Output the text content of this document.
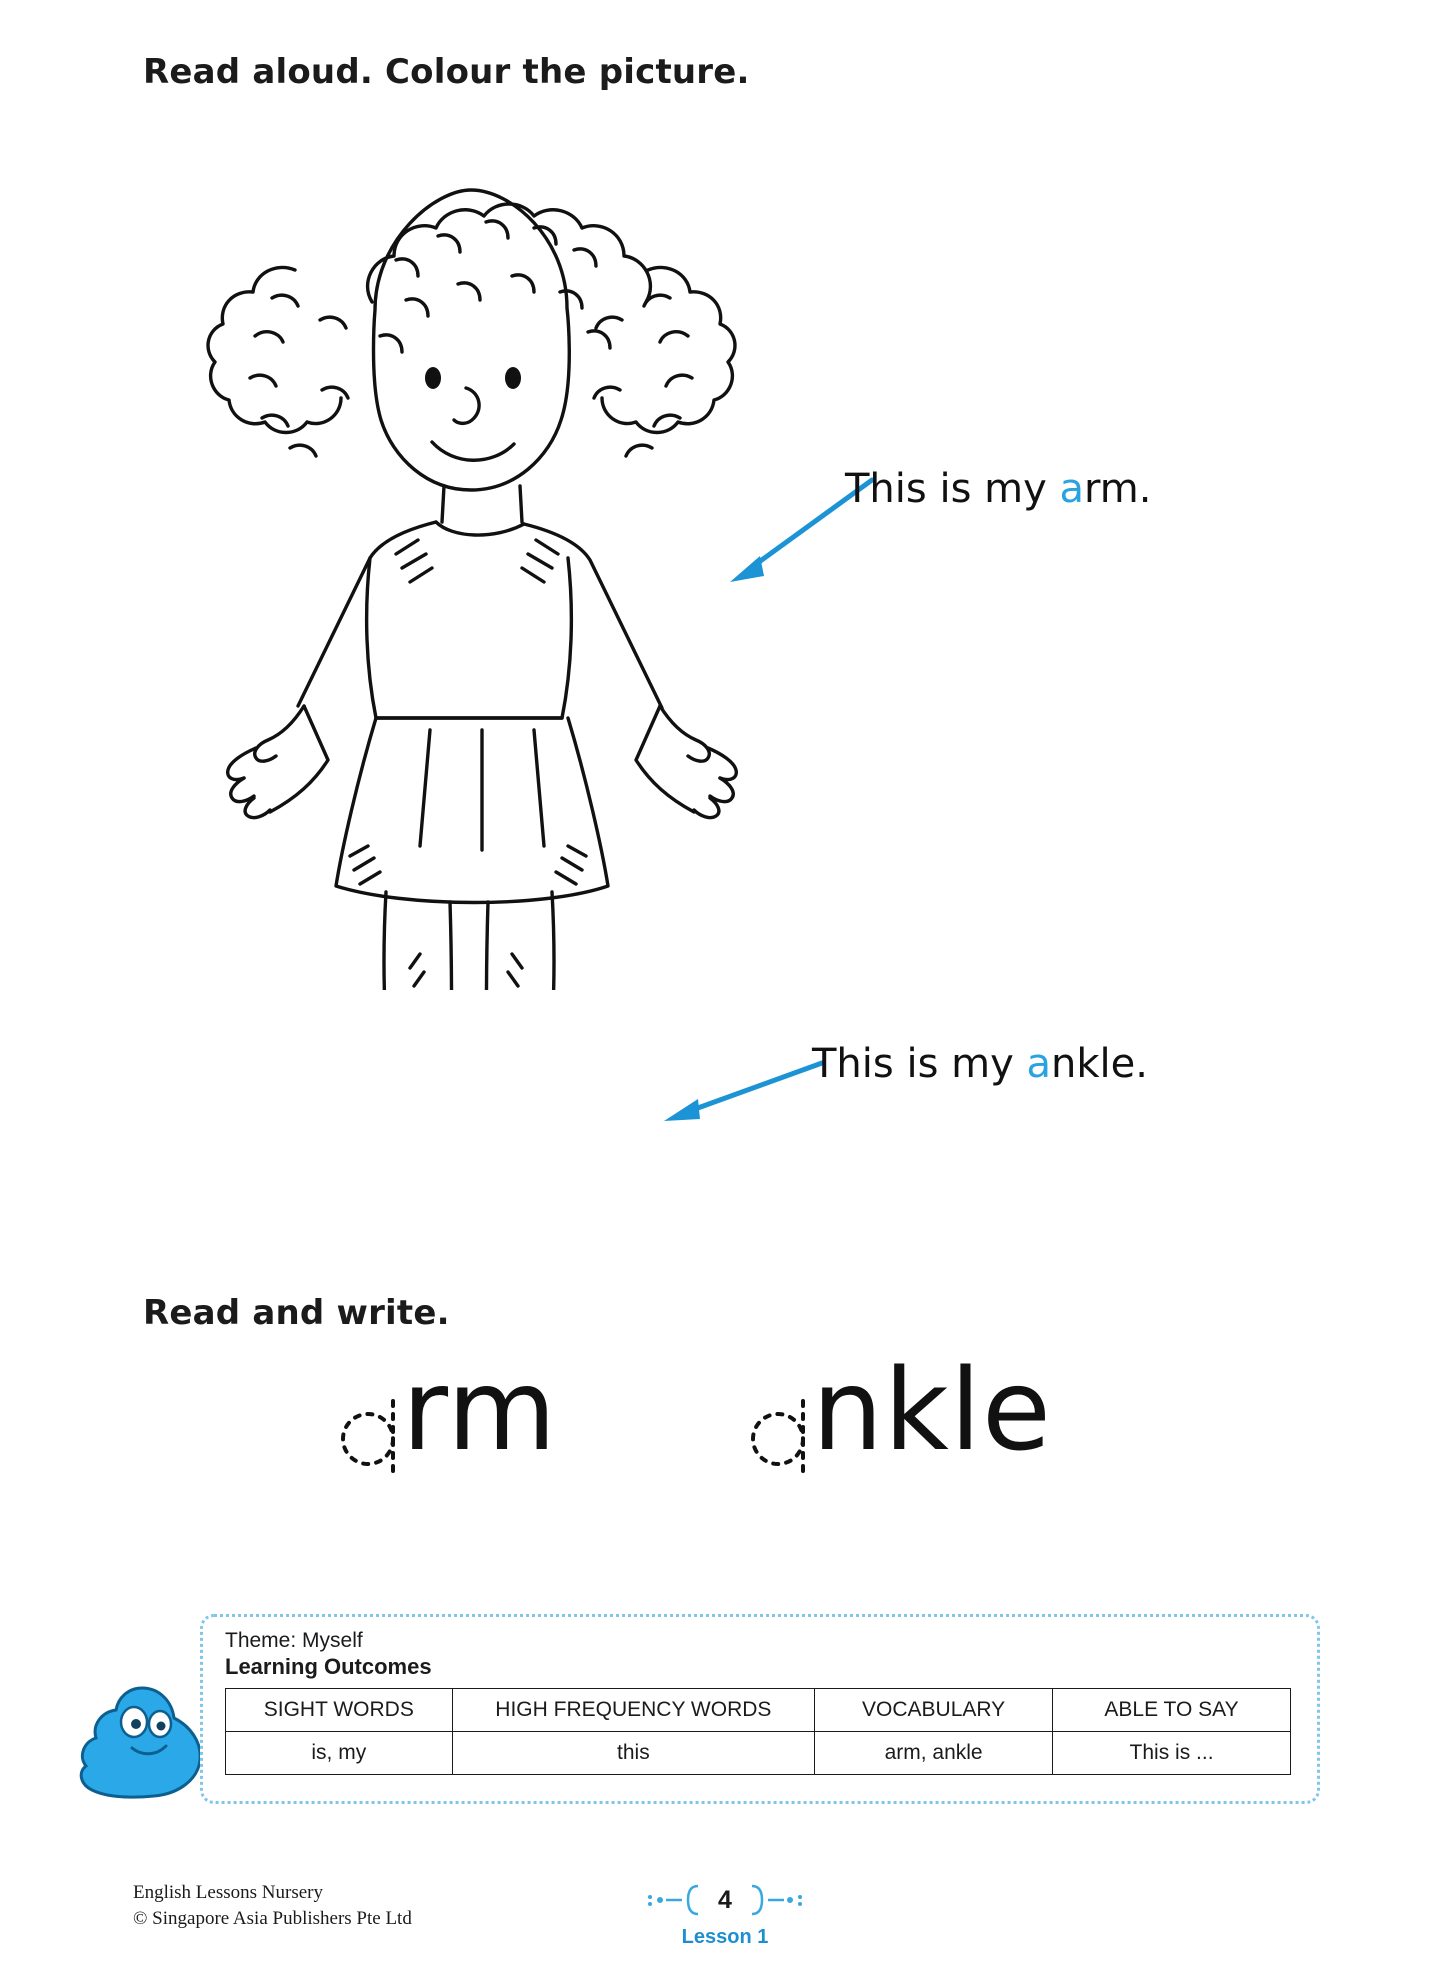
Read aloud. Colour the picture.
This is my arm.
This is my ankle.
Read and write.
rm	nkle
Theme: Myself
Learning Outcomes
SIGHT WORDS	HIGH FREQUENCY WORDS	VOCABULARY	ABLE TO SAY
is, my	this	arm, ankle	This is ...
English Lessons Nursery
© Singapore Asia Publishers Pte Ltd
4
Lesson 1
